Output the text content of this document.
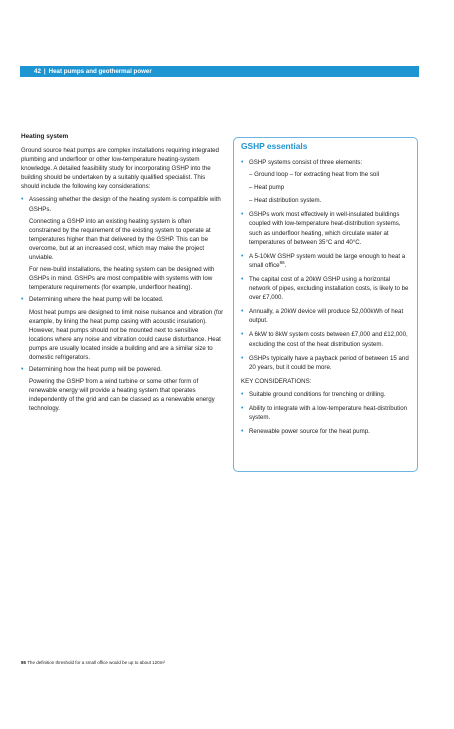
42 | Heat pumps and geothermal power
Heating system

Ground source heat pumps are complex installations requiring integrated plumbing and underfloor or other low-temperature heating-system knowledge. A detailed feasibility study for incorporating GSHP into the building should be undertaken by a suitably qualified specialist. This should include the following key considerations:

• Assessing whether the design of the heating system is compatible with GSHPs.

Connecting a GSHP into an existing heating system is often constrained by the requirement of the existing system to operate at temperatures higher than that delivered by the GSHP. This can be overcome, but at an increased cost, which may make the project unviable.

For new-build installations, the heating system can be designed with GSHPs in mind. GSHPs are most compatible with systems with low temperature requirements (for example, underfloor heating).

• Determining where the heat pump will be located.

Most heat pumps are designed to limit noise nuisance and vibration (for example, by lining the heat pump casing with acoustic insulation). However, heat pumps should not be mounted next to sensitive locations where any noise and vibration could cause disturbance. Heat pumps are usually located inside a building and are a similar size to domestic refrigerators.

• Determining how the heat pump will be powered.

Powering the GSHP from a wind turbine or some other form of renewable energy will provide a heating system that operates independently of the grid and can be classed as a renewable energy technology.

GSHP essentials
• GSHP systems consist of three elements:
– Ground loop – for extracting heat from the soil
– Heat pump
– Heat distribution system.
• GSHPs work most effectively in well-insulated buildings coupled with low-temperature heat-distribution systems, such as underfloor heating, which circulate water at temperatures of between 35°C and 40°C.
• A 5-10kW GSHP system would be large enough to heat a small office$^{86}$.
• The capital cost of a 20kW GSHP using a horizontal network of pipes, excluding installation costs, is likely to be over £7,000.
• Annually, a 20kW device will produce 52,000kWh of heat output.
• A 6kW to 8kW system costs between £7,000 and £12,000, excluding the cost of the heat distribution system.
• GSHPs typically have a payback period of between 15 and 20 years, but it could be more.
KEY CONSIDERATIONS:
• Suitable ground conditions for trenching or drilling.
• Ability to integrate with a low-temperature heat-distribution system.
• Renewable power source for the heat pump.
86 The definition threshold for a small office would be up to about 120m²
